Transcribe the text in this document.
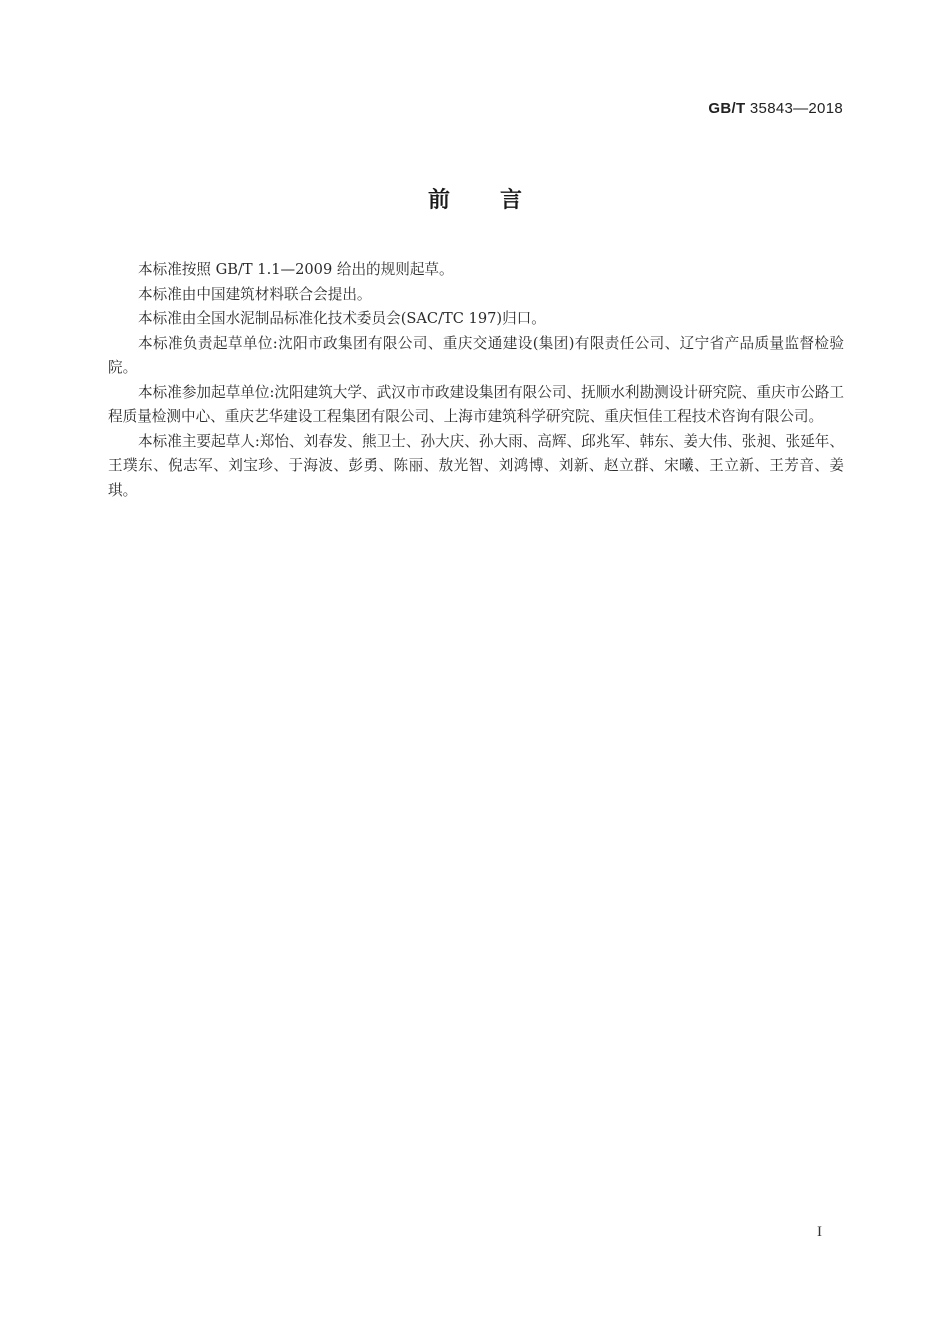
GB/T 35843—2018
前言

本标准按照 GB/T 1.1—2009 给出的规则起草。

本标准由中国建筑材料联合会提出。

本标准由全国水泥制品标准化技术委员会(SAC/TC 197)归口。

本标准负责起草单位:沈阳市政集团有限公司、重庆交通建设(集团)有限责任公司、辽宁省产品质量监督检验院。

本标准参加起草单位:沈阳建筑大学、武汉市市政建设集团有限公司、抚顺水利勘测设计研究院、重庆市公路工程质量检测中心、重庆艺华建设工程集团有限公司、上海市建筑科学研究院、重庆恒佳工程技术咨询有限公司。

本标准主要起草人:郑怡、刘春发、熊卫士、孙大庆、孙大雨、高辉、邱兆军、韩东、姜大伟、张昶、张延年、王璞东、倪志军、刘宝珍、于海波、彭勇、陈丽、敖光智、刘鸿博、刘新、赵立群、宋曦、王立新、王芳音、姜琪。

I
